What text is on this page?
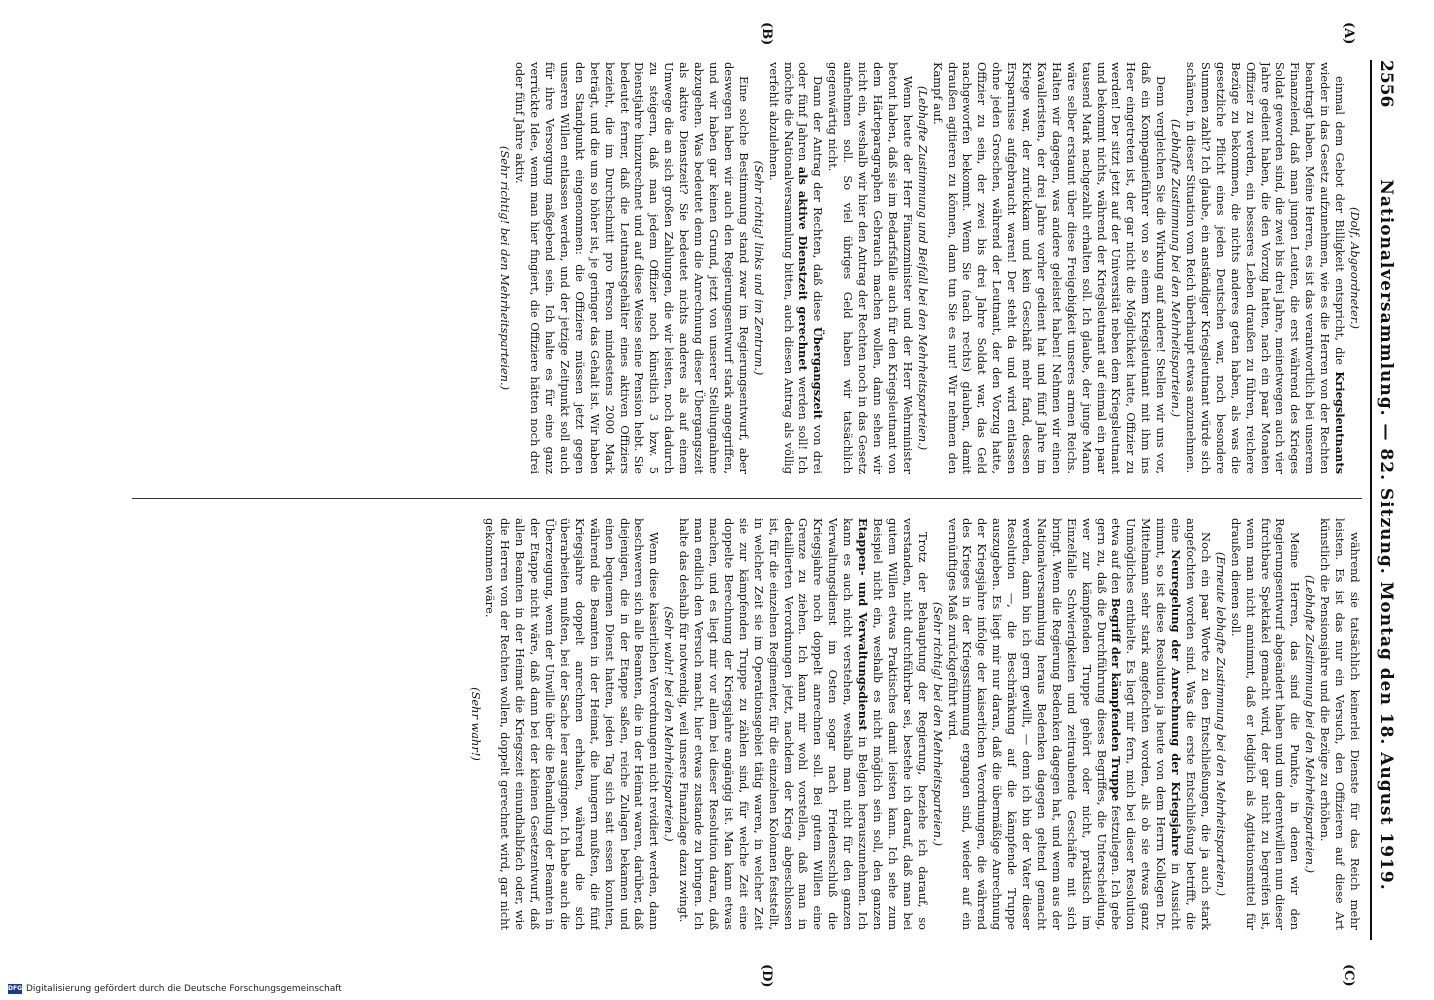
2556
Nationalversammlung. — 82. Sitzung. Montag den 18. August 1919.
(A)
(B)
(C)
(D)

(Dolf, Abgeordneter.)

einmal dem Gebot der Billigkeit entspricht, die Kriegsleutnants wieder in das Gesetz aufzunehmen, wie es die Herren von der Rechten beantragt haben. Meine Herren, es ist das verantwortlich bei unserem Finanzelend, daß man jungen Leuten, die erst während des Krieges Soldat geworden sind, die zwei bis drei Jahre, meinetwegen auch vier Jahre gedient haben, die den Vorzug hatten, nach ein paar Monaten Offizier zu werden, ein besseres Leben draußen zu führen, reichere Bezüge zu bekommen, die nichts anderes getan haben, als was die gesetzliche Pflicht eines jeden Deutschen war, noch besondere Summen zahlt? Ich glaube, ein anständiger Kriegsleutnant würde sich schämen, in dieser Situation vom Reich überhaupt etwas anzunehmen.

(Lebhafte Zustimmung bei den Mehrheitsparteien.)

Denn vergleichen Sie die Wirkung auf andere! Stellen wir uns vor, daß ein Kompagnieführer von so einem Kriegsleutnant mit ihm ins Heer eingetreten ist, der gar nicht die Möglichkeit hatte, Offizier zu werden! Der sitzt jetzt auf der Universität neben dem Kriegsleutnant und bekommt nichts, während der Kriegsleutnant auf einmal ein paar tausend Mark nachgezahlt erhalten soll. Ich glaube, der junge Mann wäre selber erstaunt über diese Freigebigkeit unseres armen Reichs. Halten wir dagegen, was andere geleistet haben! Nehmen wir einen Kavalleristen, der drei Jahre vorher gedient hat und fünf Jahre im Kriege war, der zurückkam und kein Geschäft mehr fand, dessen Ersparnisse aufgebraucht waren! Der steht da und wird entlassen ohne jeden Groschen, während der Leutnant, der den Vorzug hatte, Offizier zu sein, der zwei bis drei Jahre Soldat war, das Geld nachgeworfen bekommt. Wenn Sie (nach rechts) glauben, damit draußen agitieren zu können, dann tun Sie es nur! Wir nehmen den Kampf auf.

(Lebhafte Zustimmung und Beifall bei den Mehrheitsparteien.)

Wenn heute der Herr Finanzminister und der Herr Wehrminister betont haben, daß sie im Bedarfsfalle auch für den Kriegsleutnant von dem Härteparagraphen Gebrauch machen wollen, dann sehen wir nicht ein, weshalb wir hier den Antrag der Rechten noch in das Gesetz aufnehmen soll. So viel übriges Geld haben wir tatsächlich gegenwärtig nicht.

Dann der Antrag der Rechten, daß diese Übergangszeit von drei oder fünf Jahren als aktive Dienstzeit gerechnet werden soll! Ich möchte die Nationalversammlung bitten, auch diesen Antrag als völlig verfehlt abzulehnen.

(Sehr richtig! links und im Zentrum.)

Eine solche Bestimmung stand zwar im Regierungsentwurf, aber deswegen haben wir auch den Regierungsentwurf stark angegriffen, und wir haben gar keinen Grund, jetzt von unserer Stellungnahme abzugehen. Was bedeutet denn die Anrechnung dieser Übergangszeit als aktive Dienstzeit? Sie bedeutet nichts anderes als auf einem Umwege die an sich großen Zahlungen, die wir leisten, noch dadurch zu steigern, daß man jedem Offizier noch künstlich 3 bzw. 5 Dienstjahre hinzurechnet und auf diese Weise seine Pension hebt. Sie bedeutet ferner, daß die Leutnantsgehälter eines aktiven Offiziers bezieht, die im Durchschnitt pro Person mindestens 2000 Mark beträgt, und die um so höher ist, je geringer das Gehalt ist. Wir haben den Standpunkt eingenommen: die Offiziere müssen jetzt gegen unseren Willen entlassen werden, und der jetzige Zeitpunkt soll auch für ihre Versorgung maßgebend sein. Ich halte es für eine ganz verrückte Idee, wenn man hier fingiert, die Offiziere hätten noch drei oder fünf Jahre aktiv.

(Sehr richtig! bei den Mehrheitsparteien.)

während sie tatsächlich keinerlei Dienste für das Reich mehr leisten. Es ist das nur ein Versuch, den Offizieren auf diese Art künstlich die Pensionsjahre und die Bezüge zu erhöhen.

(Lebhafte Zustimmung bei den Mehrheitsparteien.)

Meine Herren, das sind die Punkte, in denen wir den Regierungsentwurf abgeändert haben und um derentwillen nun dieser furchtbare Spektakel gemacht wird, der gar nicht zu begreifen ist, wenn man nicht annimmt, daß er lediglich als Agitationsmittel für draußen dienen soll.

(Erneute lebhafte Zustimmung bei den Mehrheitsparteien.)

Noch ein paar Worte zu den Entschließungen, die ja auch stark angefochten worden sind. Was die erste Entschließung betrifft, die eine Neuregelung der Anrechnung der Kriegsjahre in Aussicht nimmt, so ist diese Resolution ja heute von dem Herrn Kollegen Dr. Mittelmann sehr stark angefochten worden, als ob sie etwas ganz Unmögliches enthielte. Es liegt mir fern, mich bei dieser Resolution etwa auf den Begriff der kämpfenden Truppe festzulegen. Ich gebe gern zu, daß die Durchführung dieses Begriffes, die Unterscheidung, wer zur kämpfenden Truppe gehört oder nicht, praktisch im Einzelfalle Schwierigkeiten und zeitraubende Geschäfte mit sich bringt. Wenn die Regierung Bedenken dagegen hat, und wenn aus der Nationalversammlung heraus Bedenken dagegen geltend gemacht werden, dann bin ich gern gewillt, — denn ich bin der Vater dieser Resolution —, die Beschränkung auf die kämpfende Truppe auszugeben. Es liegt mir nur daran, daß die übermäßige Anrechnung der Kriegsjahre infolge der kaiserlichen Verordnungen, die während des Krieges in der Kriegsstimmung ergangen sind, wieder auf ein vernünftiges Maß zurückgeführt wird.

(Sehr richtig! bei den Mehrheitsparteien.)

Trotz der Behauptung der Regierung, beziehe ich darauf, so verstanden, nicht durchführbar sei, bestehe ich darauf, daß man bei gutem Willen etwas Praktisches damit leisten kann. Ich sehe zum Beispiel nicht ein, weshalb es nicht möglich sein soll, den ganzen Etappen- und Verwaltungsdienst in Belgien herauszunehmen. Ich kann es auch nicht verstehen, weshalb man nicht für den ganzen Verwaltungsdienst im Osten sogar nach Friedensschluß die Kriegsjahre noch doppelt anrechnen soll. Bei gutem Willen eine Grenze zu ziehen. Ich kann mir wohl vorstellen, daß man in detaillierten Verordnungen jetzt, nachdem der Krieg abgeschlossen ist, für die einzelnen Regimenter, für die einzelnen Kolonnen feststellt, in welcher Zeit sie im Operationsgebiet tätig waren, in welcher Zeit sie zur kämpfenden Truppe zu zählen sind, für welche Zeit eine doppelte Berechnung der Kriegsjahre angängig ist. Man kann etwas machen, und es liegt mir vor allem bei dieser Resolution daran, daß man endlich den Versuch macht, hier etwas zustande zu bringen. Ich halte das deshalb für notwendig, weil unsere Finanzlage dazu zwingt.

(Sehr wahr! bei den Mehrheitsparteien.)

Wenn diese kaiserlichen Verordnungen nicht revidiert werden, dann beschweren sich alle Beamten, die in der Heimat waren, darüber, daß diejenigen, die in der Etappe saßen, reiche Zulagen bekamen und einen bequemen Dienst hatten, jeden Tag sich satt essen konnten, während die Beamten in der Heimat, die hungern mußten, die fünf Kriegsjahre doppelt anrechnen erhalten, während die sich überarbeiten mußten, bei der Sache leer ausgingen. Ich habe auch die Überzeugung, wenn der Unwille über die Behandlung der Beamten in der Etappe nicht wäre, daß dann bei der kleinen Gesetzentwurf, daß allen Beamten in der Heimat die Kriegszeit einundhalbfach oder, wie die Herren von der Rechten wollen, doppelt gerechnet wird, gar nicht gekommen wäre.

(Sehr wahr!)

DFG Digitalisierung gefördert durch die Deutsche Forschungsgemeinschaft
